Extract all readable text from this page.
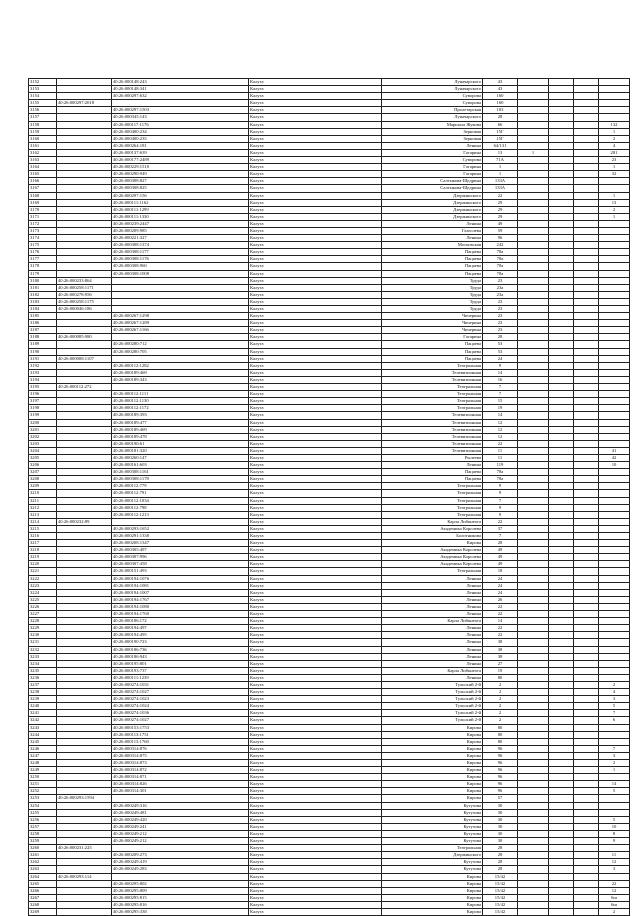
3152		40:26:000148:243	Калуга	Луначарского	43				
3153		40:26:000148:341	Калуга	Луначарского	43				
3154		40:26:000297:632	Калуга	Суворова	160				
3155	40:26:000297:2018		Калуга	Суворова	160				
3156		40:26:000297:1503	Калуга	Пролетарская	103				
3157		40:26:000345:143	Калуга	Луначарского	28				
3158		40:26:000117:1176	Калуга	Маршала Жукова	66				132
3159		40:26:000400:234	Калуга	Зерновая	15Г				1
3160		40:26:000400:235	Калуга	Зерновая	15Г				2
3161		40:26:000264:181	Калуга	Ленина	64/131				4
3162		40:26:000137:639	Калуга	Гагарина	13	1			281
3163		40:26:000177:2489	Калуга	Суворова	71А				23
3164		40:26:000229:1510	Калуга	Гагарина	1				1
3165		40:26:000290:949	Калуга	Гагарина	1				32
3166		40:26:000308:827	Калуга	Салтыкова-Щедрина	133А				
3167		40:26:000308:825	Калуга	Салтыкова-Щедрина	133А				
3168		40:26:000297:156	Калуга	Дзержинского	22				1
3169		40:26:000111:1162	Калуга	Дзержинского	29				13
3170		40:26:000111:1299	Калуга	Дзержинского	29				2
3171		40:26:000111:1330	Калуга	Дзержинского	29				1
3172		40:26:000239:2447	Калуга	Ленина	49				
3173		40:26:000209:985	Калуга	Глаголева	59				
3174		40:26:000221:327	Калуга	Ленина	96				
3175		40:26:000308:1374	Калуга	Московская	242				
3176		40:26:000308:1177	Калуга	Пацаева	78а				
3177		40:26:000308:1176	Калуга	Пацаева	78а				
3178		40:26:000308:960	Калуга	Пацаева	78а				
3179		40:26:000308:1008	Калуга	Пацаева	78а				
3180	40:26:000233:864		Калуга	Труда	23				
3181	40:26:000258:1171		Калуга	Труда	23а				
3182	40:26:000278:956		Калуга	Труда	23а				
3183	40:26:000258:1175		Калуга	Труда	23				
3184	40:26:000046:186		Калуга	Труда	23				
3185		40:26:000267:1298	Калуга	Чичерина	23				
3186		40:26:000267:1289	Калуга	Чичерина	23				
3187		40:26:000267:1166	Калуга	Чичерина	23				
3188	40:26:000085:980		Калуга	Гагарина	28				
3189		40:26:000280:712	Калуга	Пацаева	53				
3190		40:26:000280:705	Калуга	Пацаева	53				
3191	40:26:000008:1107		Калуга	Пацаева	24				
3192		40:26:000112:1282	Калуга	Театральная	9				
3193		40:26:000189:469	Калуга	Телевизионная	14				
3194		40:26:000189:343	Калуга	Телевизионная	16				
3195	40:26:000112:272		Калуга	Театральная	7				
3196		40:26:000112:1111	Калуга	Театральная	7				
3197		40:26:000112:1130	Калуга	Театральная	15				
3198		40:26:000112:1172	Калуга	Театральная	19				
3199		40:26:000189:393	Калуга	Телевизионная	14				
3200		40:26:000189:477	Калуга	Телевизионная	12				
3201		40:26:000189:469	Калуга	Телевизионная	12				
3202		40:26:000189:478	Калуга	Телевизионная	12				
3203		40:26:000190:61	Калуга	Телевизионная	22				
3204		40:26:000181:320	Калуга	Телевизионная	11				41
3205		40:26:000260:147	Калуга	Рылеева	11				42
3206		40:26:000161:603	Калуга	Ленина	119				10
3207		40:26:000308:1161	Калуга	Пацаева	78а				
3208		40:26:000308:1178	Калуга	Пацаева	78а				
3209		40:26:000112:779	Калуга	Театральная	9				
3210		40:26:000112:791	Калуга	Театральная	9				
3211		40:26:000112:1034	Калуга	Театральная	7				
3212		40:26:000112:798	Калуга	Театральная	9				
3213		40:26:000112:1213	Калуга	Театральная	9				
3214	40:26:000232:89		Калуга	Карла Либкнехта	22				
3215		40:26:000293:1652	Калуга	Академика Королева	37				
3216		40:26:000291:1338	Калуга	Болотникова	7				
3217		40:26:000208:1347	Калуга	Кирова	28				
3218		40:26:000305:497	Калуга	Академика Королева	49				
3219		40:26:000307:996	Калуга	Академика Королева	49				
3220		40:26:000307:458	Калуга	Академика Королева	49				
3221		40:26:000151:493	Калуга	Театральная	18				
3222		40:26:000194:1076	Калуга	Ленина	24				
3223		40:26:000194:1081	Калуга	Ленина	24				
3224		40:26:000194:1007	Калуга	Ленина	24				
3225		40:26:000194:1767	Калуга	Ленина	26				
3226		40:26:000194:1080	Калуга	Ленина	22				
3227		40:26:000194:1760	Калуга	Ленина	22				
3228		40:26:000186:172	Калуга	Карла Либкнехта	14				
3229		40:26:000194:497	Калуга	Ленина	22				
3230		40:26:000194:495	Калуга	Ленина	22				
3231		40:26:000190:723	Калуга	Ленина	38				
3232		40:26:000186:736	Калуга	Ленина	38				
3233		40:26:000186:943	Калуга	Ленина	38				
3234		40:26:000195:801	Калуга	Ленина	27				
3235		40:26:000193:737	Калуга	Карла Либкнехта	19				
3236		40:26:000111:1239	Калуга	Ленина	80				
3237		40:26:000274:1031	Калуга	Тульский 2-й	2				2
3238		40:26:000274:1027	Калуга	Тульский 2-й	2				4
3239		40:26:000274:1023	Калуга	Тульский 2-й	2				3
3240		40:26:000274:1024	Калуга	Тульский 2-й	2				5
3241		40:26:000274:1036	Калуга	Тульский 2-й	2				7
3242		40:26:000274:1027	Калуга	Тульский 2-й	2				6
3243		40:26:000153:1753	Калуга	Кирова	80				
3244		40:26:000113:1751	Калуга	Кирова	80				
3245		40:26:000113:1760	Калуга	Кирова	80				
3246		40:26:000314:876	Калуга	Кирова	96				7
3247		40:26:000314:875	Калуга	Кирова	96				3
3248		40:26:000314:873	Калуга	Кирова	96				2
3249		40:26:000314:872	Калуга	Кирова	96				1
3250		40:26:000314:871	Калуга	Кирова	96				
3251		40:26:000314:826	Калуга	Кирова	96				14
3252		40:26:000314:301	Калуга	Кирова	96				5
3253	40:26:000293:1594		Калуга	Кирова	57				
3254		40:26:000249:316	Калуга	Кутузова	30				
3255		40:26:000249:481	Калуга	Кутузова	30				
3256		40:26:000249:420	Калуга	Кутузова	30				5
3257		40:26:000249:241	Калуга	Кутузова	30				10
3258		40:26:000249:212	Калуга	Кутузова	30				8
3259		40:26:000249:212	Калуга	Кутузова	30				9
3260	40:26:000231:225		Калуга	Театральная	28				
3261		40:26:000209:273	Калуга	Дзержинского	28				11
3262		40:26:000249:419	Калуга	Кутузова	28				12
3263		40:26:000249:283	Калуга	Кутузова	28				3
3264	40:26:000293:114		Калуга	Кирова	15/42				
3265		40:26:000295:802	Калуга	Кирова	15/42				22
3266		40:26:000295:809	Калуга	Кирова	15/42				12
3267		40:26:000295:815	Калуга	Кирова	15/42				6ш
3268		40:26:000295:816	Калуга	Кирова	15/42				6ш
3269		40:26:000295:338	Калуга	Кирова	15/42				2
